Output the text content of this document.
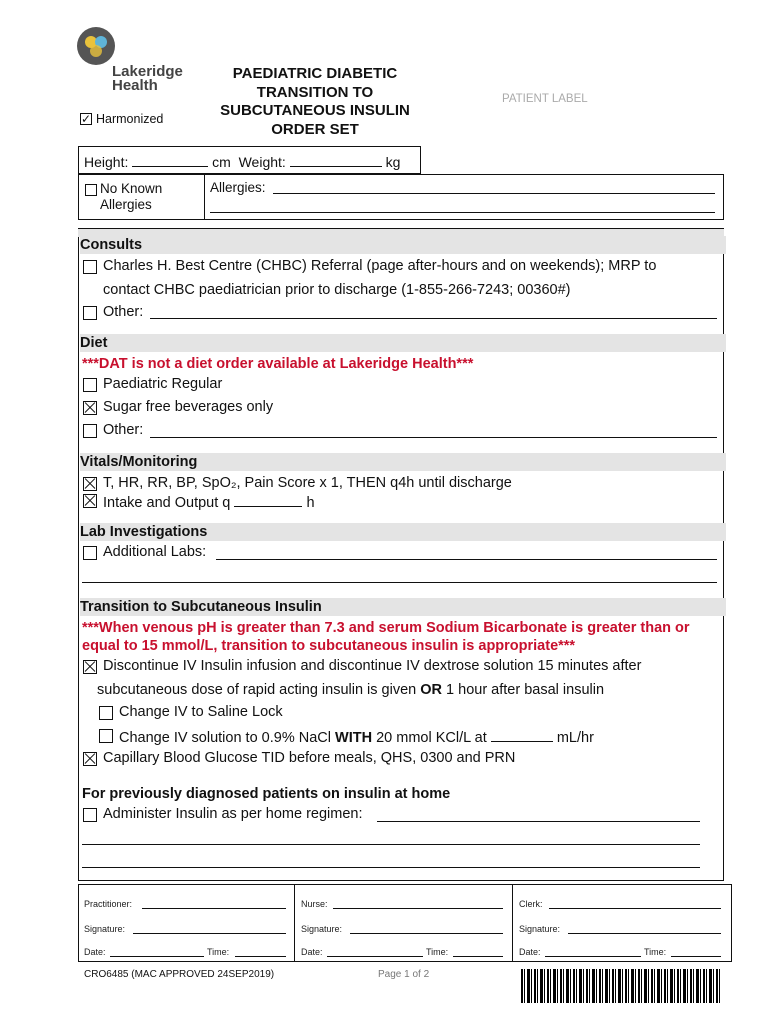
Lakeridge Health
✓ Harmonized
PAEDIATRIC DIABETIC
TRANSITION TO
SUBCUTANEOUS INSULIN
ORDER SET
PATIENT LABEL
Height:	cm Weight:	kg
No Known
Allergies
Allergies:
Consults
Charles H. Best Centre (CHBC) Referral (page after-hours and on weekends); MRP to
contact CHBC paediatrician prior to discharge (1-855-266-7243; 00360#)
Other:
Diet
***DAT is not a diet order available at Lakeridge Health***
Paediatric Regular
Sugar free beverages only
Other:
Vitals/Monitoring
T, HR, RR, BP, SpO₂, Pain Score x 1, THEN q4h until discharge
Intake and Output q	h
Lab Investigations
Additional Labs:
Transition to Subcutaneous Insulin
***When venous pH is greater than 7.3 and serum Sodium Bicarbonate is greater than or
equal to 15 mmol/L, transition to subcutaneous insulin is appropriate***
Discontinue IV Insulin infusion and discontinue IV dextrose solution 15 minutes after
subcutaneous dose of rapid acting insulin is given OR 1 hour after basal insulin
Change IV to Saline Lock
Change IV solution to 0.9% NaCl WITH 20 mmol KCl/L at	mL/hr
Capillary Blood Glucose TID before meals, QHS, 0300 and PRN
For previously diagnosed patients on insulin at home
Administer Insulin as per home regimen:
Practitioner:
Signature:
Date:	Time:
Nurse:
Signature:
Date:	Time:
Clerk:
Signature:
Date:	Time:
CRO6485 (MAC APPROVED 24SEP2019)	Page 1 of 2
